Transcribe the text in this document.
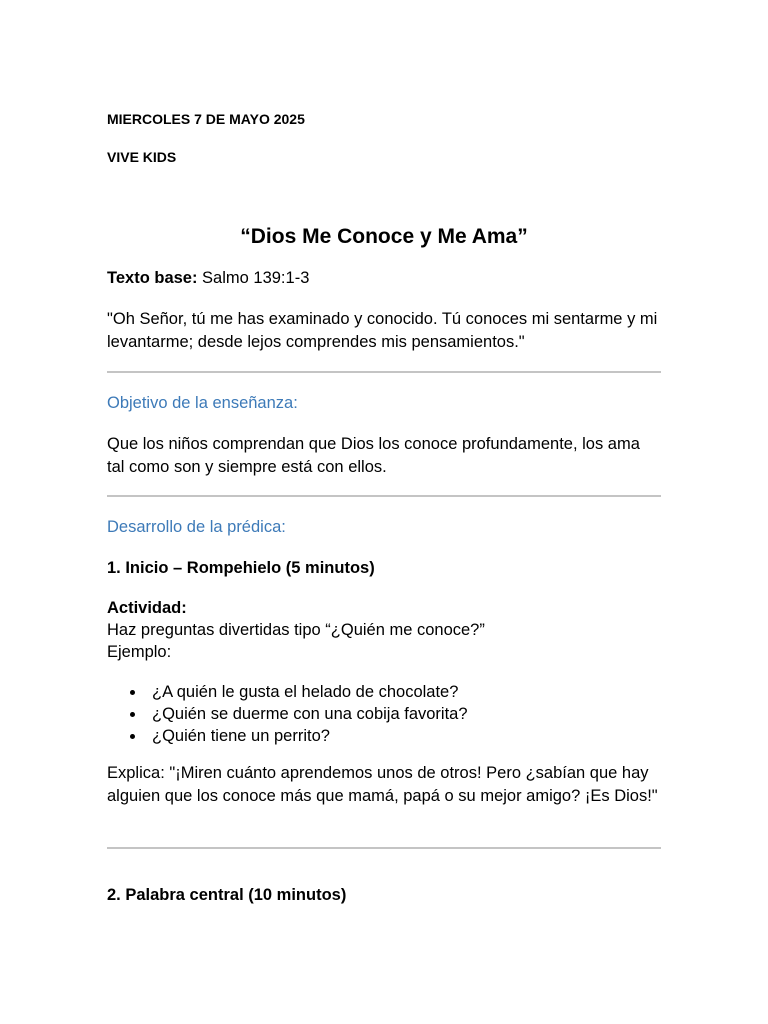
MIERCOLES 7 DE MAYO 2025

VIVE KIDS

“Dios Me Conoce y Me Ama”

Texto base: Salmo 139:1-3

"Oh Señor, tú me has examinado y conocido. Tú conoces mi sentarme y mi levantarme; desde lejos comprendes mis pensamientos."

Objetivo de la enseñanza:

Que los niños comprendan que Dios los conoce profundamente, los ama tal como son y siempre está con ellos.

Desarrollo de la prédica:

1. Inicio – Rompehielo (5 minutos)

Actividad:

Haz preguntas divertidas tipo “¿Quién me conoce?”

Ejemplo:

¿A quién le gusta el helado de chocolate?
¿Quién se duerme con una cobija favorita?
¿Quién tiene un perrito?

Explica: "¡Miren cuánto aprendemos unos de otros! Pero ¿sabían que hay alguien que los conoce más que mamá, papá o su mejor amigo? ¡Es Dios!"

2. Palabra central (10 minutos)
